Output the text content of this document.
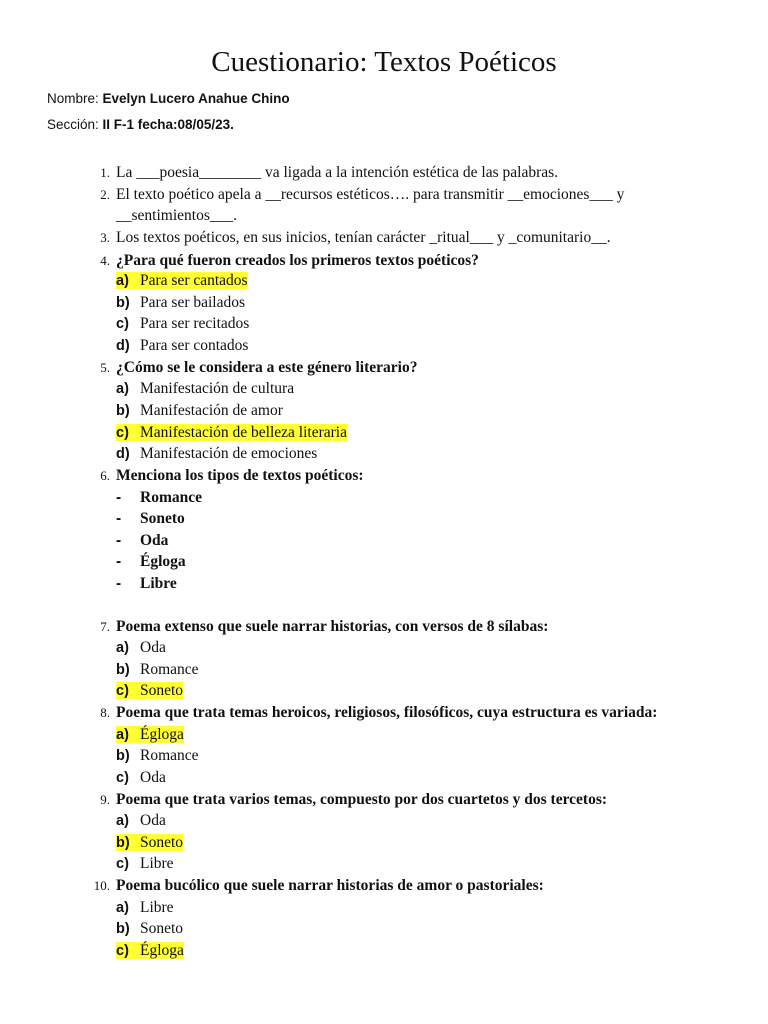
Cuestionario: Textos Poéticos
Nombre: Evelyn Lucero Anahue Chino
Sección: II F-1 fecha:08/05/23.
1. La ___poesia________ va ligada a la intención estética de las palabras.
2. El texto poético apela a __recursos estéticos…. para transmitir __emociones___ y
__sentimientos___.
3. Los textos poéticos, en sus inicios, tenían carácter _ritual___ y _comunitario__.
4. ¿Para qué fueron creados los primeros textos poéticos?
a) Para ser cantados
b) Para ser bailados
c) Para ser recitados
d) Para ser contados
5. ¿Cómo se le considera a este género literario?
a) Manifestación de cultura
b) Manifestación de amor
c) Manifestación de belleza literaria
d) Manifestación de emociones
6. Menciona los tipos de textos poéticos:
- Romance
- Soneto
- Oda
- Égloga
- Libre
7. Poema extenso que suele narrar historias, con versos de 8 sílabas:
a) Oda
b) Romance
c) Soneto
8. Poema que trata temas heroicos, religiosos, filosóficos, cuya estructura es variada:
a) Égloga
b) Romance
c) Oda
9. Poema que trata varios temas, compuesto por dos cuartetos y dos tercetos:
a) Oda
b) Soneto
c) Libre
10. Poema bucólico que suele narrar historias de amor o pastoriales:
a) Libre
b) Soneto
c) Égloga
